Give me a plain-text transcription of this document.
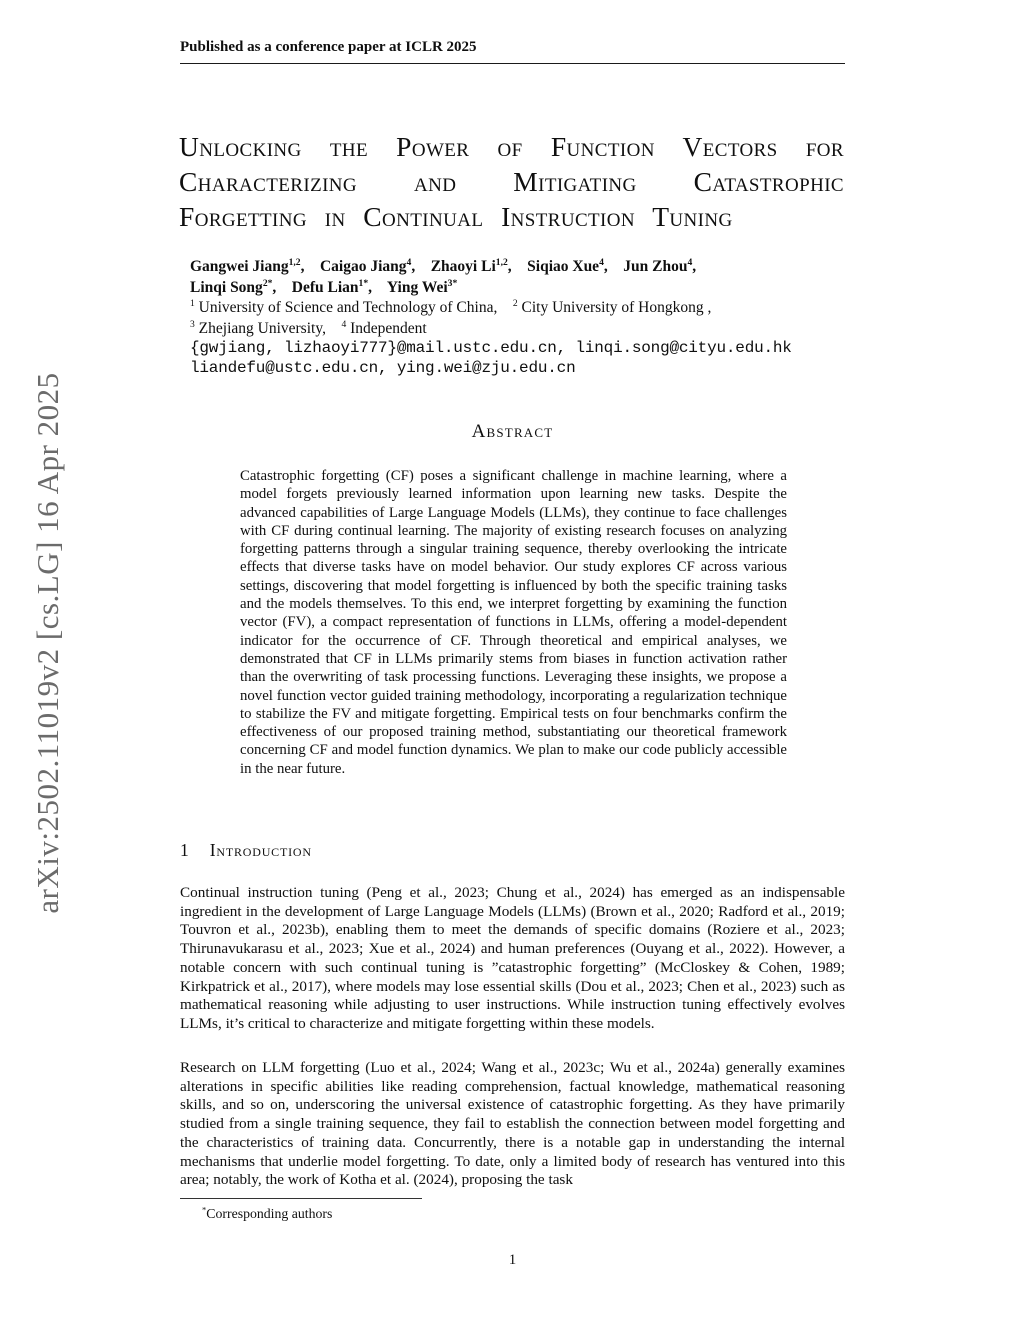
arXiv:2502.11019v2 [cs.LG] 16 Apr 2025
Published as a conference paper at ICLR 2025
Unlocking the Power of Function Vectors for
Characterizing and Mitigating Catastrophic
Forgetting in Continual Instruction Tuning
Gangwei Jiang$^{1,2}$,    Caigao Jiang$^4$,    Zhaoyi Li$^{1,2}$,    Siqiao Xue$^4$,    Jun Zhou$^4$,
Linqi Song$^{2*}$,    Defu Lian$^{1*}$,    Ying Wei$^{3*}$
$^1$ University of Science and Technology of China,    $^2$ City University of Hongkong ,
$^3$ Zhejiang University,    $^4$ Independent
{gwjiang, lizhaoyi777}@mail.ustc.edu.cn, linqi.song@cityu.edu.hk
liandefu@ustc.edu.cn, ying.wei@zju.edu.cn
Abstract
Catastrophic forgetting (CF) poses a significant challenge in machine learning, where a model forgets previously learned information upon learning new tasks. Despite the advanced capabilities of Large Language Models (LLMs), they continue to face challenges with CF during continual learning. The majority of existing research focuses on analyzing forgetting patterns through a singular training sequence, thereby overlooking the intricate effects that diverse tasks have on model behavior. Our study explores CF across various settings, discovering that model forgetting is influenced by both the specific training tasks and the models themselves. To this end, we interpret forgetting by examining the function vector (FV), a compact representation of functions in LLMs, offering a model-dependent indicator for the occurrence of CF. Through theoretical and empirical analyses, we demonstrated that CF in LLMs primarily stems from biases in function activation rather than the overwriting of task processing functions. Leveraging these insights, we propose a novel function vector guided training methodology, incorporating a regularization technique to stabilize the FV and mitigate forgetting. Empirical tests on four benchmarks confirm the effectiveness of our proposed training method, substantiating our theoretical framework concerning CF and model function dynamics. We plan to make our code publicly accessible in the near future.
1 Introduction

Continual instruction tuning (Peng et al., 2023; Chung et al., 2024) has emerged as an indispensable ingredient in the development of Large Language Models (LLMs) (Brown et al., 2020; Radford et al., 2019; Touvron et al., 2023b), enabling them to meet the demands of specific domains (Roziere et al., 2023; Thirunavukarasu et al., 2023; Xue et al., 2024) and human preferences (Ouyang et al., 2022). However, a notable concern with such continual tuning is ”catastrophic forgetting” (McCloskey & Cohen, 1989; Kirkpatrick et al., 2017), where models may lose essential skills (Dou et al., 2023; Chen et al., 2023) such as mathematical reasoning while adjusting to user instructions. While instruction tuning effectively evolves LLMs, it’s critical to characterize and mitigate forgetting within these models.

Research on LLM forgetting (Luo et al., 2024; Wang et al., 2023c; Wu et al., 2024a) generally examines alterations in specific abilities like reading comprehension, factual knowledge, mathematical reasoning skills, and so on, underscoring the universal existence of catastrophic forgetting. As they have primarily studied from a single training sequence, they fail to establish the connection between model forgetting and the characteristics of training data. Concurrently, there is a notable gap in understanding the internal mechanisms that underlie model forgetting. To date, only a limited body of research has ventured into this area; notably, the work of Kotha et al. (2024), proposing the task

*Corresponding authors
1
